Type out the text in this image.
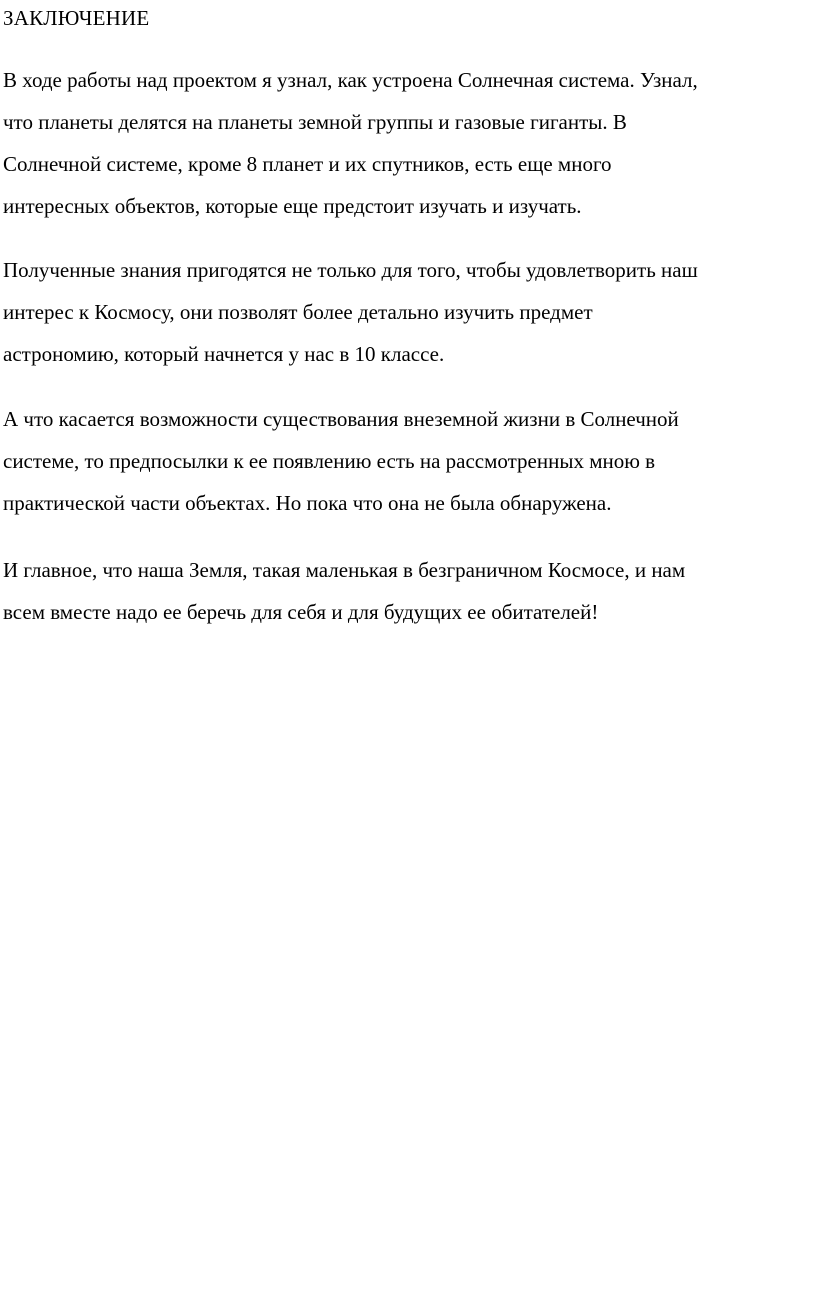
ЗАКЛЮЧЕНИЕ

В ходе работы над проектом я узнал, как устроена Солнечная система. Узнал,
что планеты делятся на планеты земной группы и газовые гиганты. В
Солнечной системе, кроме 8 планет и их спутников, есть еще много
интересных объектов, которые еще предстоит изучать и изучать.

Полученные знания пригодятся не только для того, чтобы удовлетворить наш
интерес к Космосу, они позволят более детально изучить предмет
астрономию, который начнется у нас в 10 классе.

А что касается возможности существования внеземной жизни в Солнечной
системе, то предпосылки к ее появлению есть на рассмотренных мною в
практической части объектах. Но пока что она не была обнаружена.

И главное, что наша Земля, такая маленькая в безграничном Космосе, и нам
всем вместе надо ее беречь для себя и для будущих ее обитателей!
